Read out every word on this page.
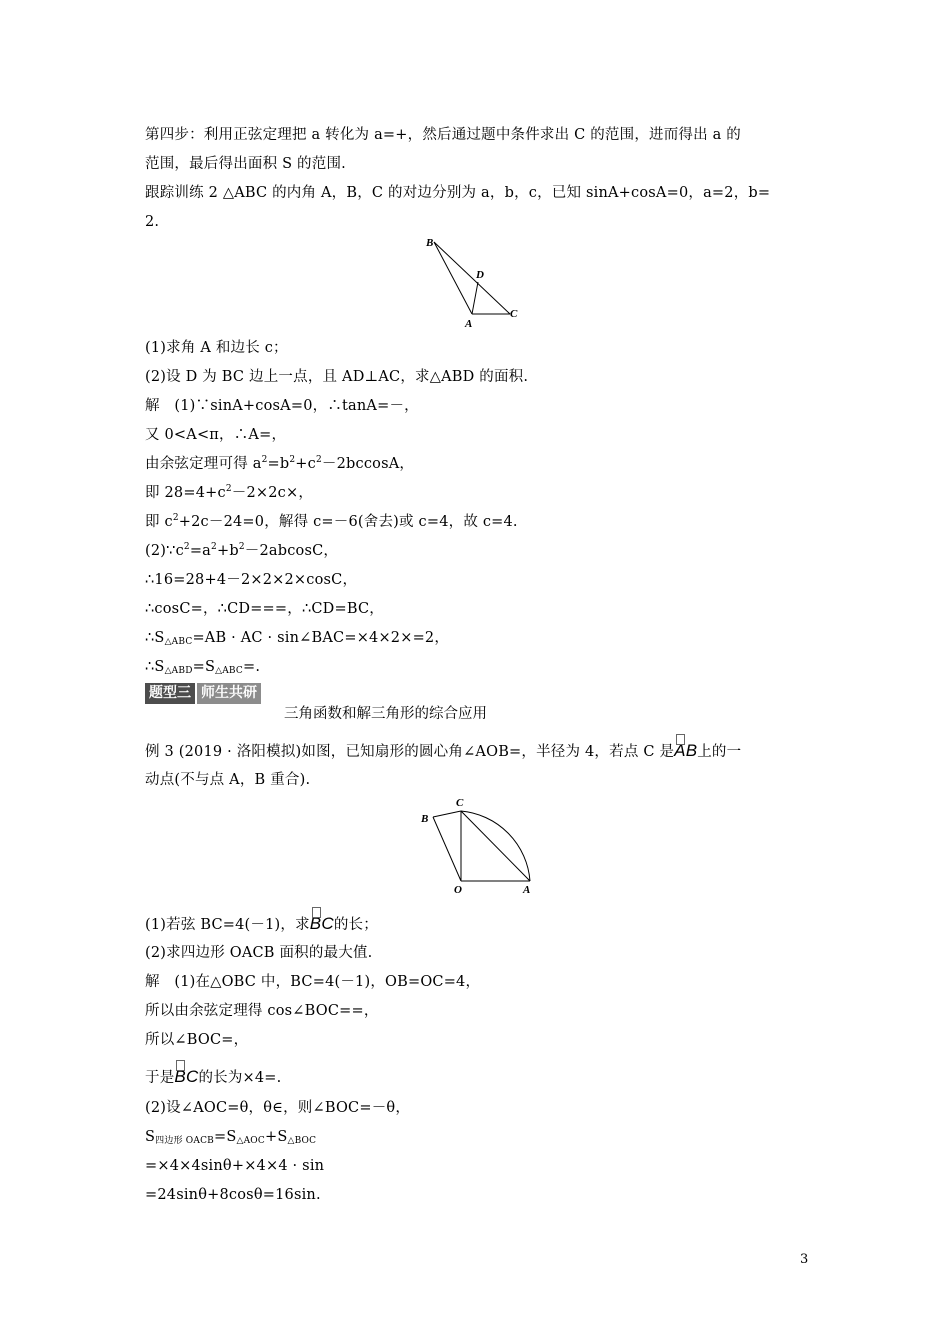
第四步：利用正弦定理把 a 转化为 a=+，然后通过题中条件求出 C 的范围，进而得出 a 的
范围，最后得出面积 S 的范围.
跟踪训练 2 △ABC 的内角 A，B，C 的对边分别为 a，b，c，已知 sinA+cosA=0，a=2，b=
2.
B
D
A
C
(1)求角 A 和边长 c；
(2)设 D 为 BC 边上一点，且 AD⊥AC，求△ABD 的面积.
解　(1)∵sinA+cosA=0，∴tanA=－，
又 0<A<π，∴A=，
由余弦定理可得 $a^2=b^2+c^2-2bccosA$，
即 $28=4+c^2-2\times 2c\times$，
即 $c^2+2c-24=0$，解得 c=－6(舍去)或 c=4，故 c=4.
$(2)\because c^2=a^2+b^2-2abcosC$，
∴16=28+4－2×2×2×cosC，
∴cosC=，∴CD===，∴CD=BC，
$\therefore S_{\triangle ABC}=AB$ · AC · sin∠BAC=×4×2×=2，
$\therefore S_{\triangle ABD}=S_{\triangle ABC}=$.
题型三 师生共研
三角函数和解三角形的综合应用
例 3 (2019 · 洛阳模拟)如图，已知扇形的圆心角∠AOB=，半径为 4，若点 C 是AB上的一
动点(不与点 A，B 重合).
C
B
O	A
(1)若弦 BC=4(－1)，求BC的长；
(2)求四边形 OACB 面积的最大值.
解　(1)在△OBC 中，BC=4(－1)，OB=OC=4，
所以由余弦定理得 cos∠BOC==，
所以∠BOC=，
于是BC的长为×4=.
(2)设∠AOC=θ，θ∈，则∠BOC=－θ，
$S_{四边形 OACB}=S_{\triangle AOC}+S_{\triangle BOC}$
=×4×4sinθ+×4×4 · sin
=24sinθ+8cosθ=16sin.
3
